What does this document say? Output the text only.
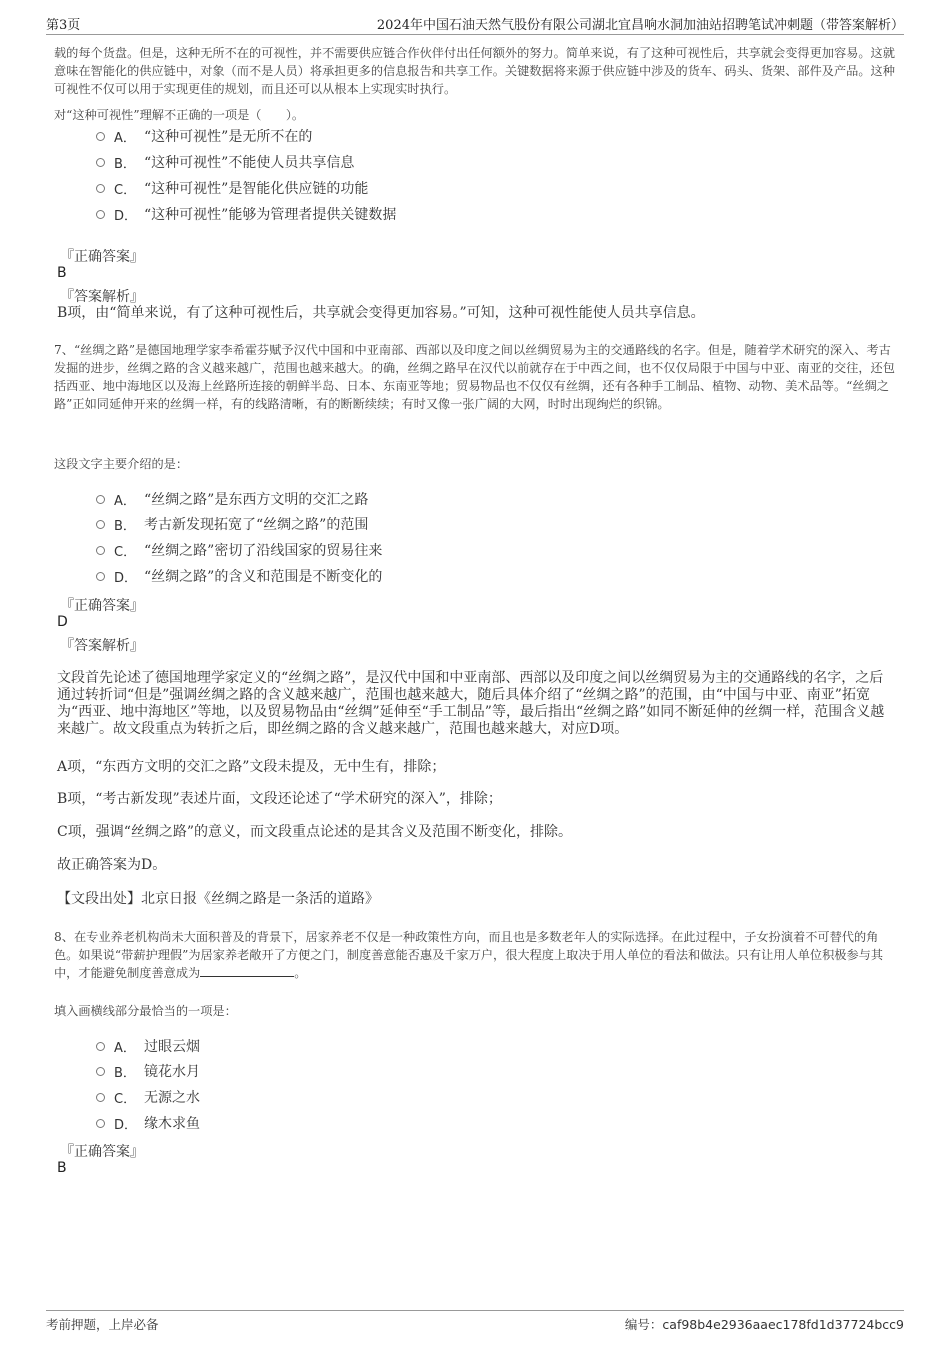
第3页	2024年中国石油天然气股份有限公司湖北宜昌响水洞加油站招聘笔试冲刺题（带答案解析）

载的每个货盘。但是，这种无所不在的可视性，并不需要供应链合作伙伴付出任何额外的努力。简单来说，有了这种可视性后，共享就会变得更加容易。这就意味在智能化的供应链中，对象（而不是人员）将承担更多的信息报告和共享工作。关键数据将来源于供应链中涉及的货车、码头、货架、部件及产品。这种可视性不仅可以用于实现更佳的规划，而且还可以从根本上实现实时执行。

对“这种可视性”理解不正确的一项是（　　）。

A． “这种可视性”是无所不在的
B． “这种可视性”不能使人员共享信息
C． “这种可视性”是智能化供应链的功能
D． “这种可视性”能够为管理者提供关键数据

『正确答案』

B

『答案解析』

B项，由“简单来说，有了这种可视性后，共享就会变得更加容易。”可知，这种可视性能使人员共享信息。

7、“丝绸之路”是德国地理学家李希霍芬赋予汉代中国和中亚南部、西部以及印度之间以丝绸贸易为主的交通路线的名字。但是，随着学术研究的深入、考古发掘的进步，丝绸之路的含义越来越广，范围也越来越大。的确，丝绸之路早在汉代以前就存在于中西之间，也不仅仅局限于中国与中亚、南亚的交往，还包括西亚、地中海地区以及海上丝路所连接的朝鲜半岛、日本、东南亚等地；贸易物品也不仅仅有丝绸，还有各种手工制品、植物、动物、美术品等。“丝绸之路”正如同延伸开来的丝绸一样，有的线路清晰，有的断断续续；有时又像一张广阔的大网，时时出现绚烂的织锦。

这段文字主要介绍的是：

A． “丝绸之路”是东西方文明的交汇之路
B． 考古新发现拓宽了“丝绸之路”的范围
C． “丝绸之路”密切了沿线国家的贸易往来
D． “丝绸之路”的含义和范围是不断变化的

『正确答案』

D

『答案解析』

文段首先论述了德国地理学家定义的“丝绸之路”，是汉代中国和中亚南部、西部以及印度之间以丝绸贸易为主的交通路线的名字，之后通过转折词“但是”强调丝绸之路的含义越来越广，范围也越来越大，随后具体介绍了“丝绸之路”的范围，由“中国与中亚、南亚”拓宽为“西亚、地中海地区”等地，以及贸易物品由“丝绸”延伸至“手工制品”等，最后指出“丝绸之路”如同不断延伸的丝绸一样，范围含义越来越广。故文段重点为转折之后，即丝绸之路的含义越来越广，范围也越来越大，对应D项。

A项，“东西方文明的交汇之路”文段未提及，无中生有，排除；

B项，“考古新发现”表述片面，文段还论述了“学术研究的深入”，排除；

C项，强调“丝绸之路”的意义，而文段重点论述的是其含义及范围不断变化，排除。

故正确答案为D。

【文段出处】北京日报《丝绸之路是一条活的道路》

8、在专业养老机构尚未大面积普及的背景下，居家养老不仅是一种政策性方向，而且也是多数老年人的实际选择。在此过程中，子女扮演着不可替代的角色。如果说“带薪护理假”为居家养老敞开了方便之门，制度善意能否惠及千家万户，很大程度上取决于用人单位的看法和做法。只有让用人单位积极参与其中，才能避免制度善意成为	。

填入画横线部分最恰当的一项是：

A． 过眼云烟
B． 镜花水月
C． 无源之水
D． 缘木求鱼

『正确答案』

B

考前押题，上岸必备	编号：caf98b4e2936aaec178fd1d37724bcc9
